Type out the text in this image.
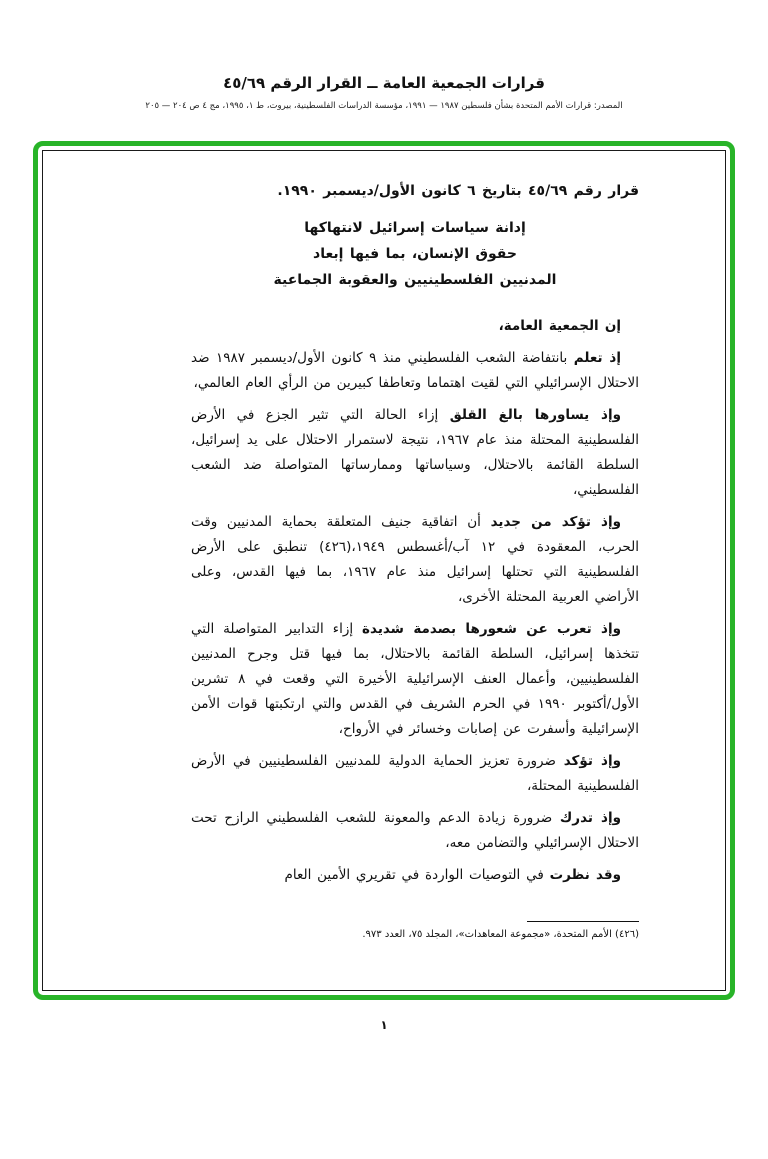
قرارات الجمعية العامة ــ القرار الرقم ٤٥/٦٩
المصدر: قرارات الأمم المتحدة بشأن فلسطين ١٩٨٧ — ١٩٩١، مؤسسة الدراسات الفلسطينية، بيروت، ط ١، ١٩٩٥، مج ٤ ص ٢٠٤ — ٢٠٥
قرار رقم ٤٥/٦٩ بتاريخ ٦ كانون الأول/ديسمبر ١٩٩٠.
إدانة سياسات إسرائيل لانتهاكها
حقوق الإنسان، بما فيها إبعاد
المدنيين الفلسطينيين والعقوبة الجماعية

إن الجمعية العامة،

إذ تعلم بانتفاضة الشعب الفلسطيني منذ ٩ كانون الأول/ديسمبر ١٩٨٧ ضد الاحتلال الإسرائيلي التي لقيت اهتماما وتعاطفا كبيرين من الرأي العام العالمي،

وإذ يساورها بالغ القلق إزاء الحالة التي تثير الجزع في الأرض الفلسطينية المحتلة منذ عام ١٩٦٧، نتيجة لاستمرار الاحتلال على يد إسرائيل، السلطة القائمة بالاحتلال، وسياساتها وممارساتها المتواصلة ضد الشعب الفلسطيني،

وإذ تؤكد من جديد أن اتفاقية جنيف المتعلقة بحماية المدنيين وقت الحرب، المعقودة في ١٢ آب/أغسطس ١٩٤٩،(٤٢٦) تنطبق على الأرض الفلسطينية التي تحتلها إسرائيل منذ عام ١٩٦٧، بما فيها القدس، وعلى الأراضي العربية المحتلة الأخرى،

وإذ تعرب عن شعورها بصدمة شديدة إزاء التدابير المتواصلة التي تتخذها إسرائيل، السلطة القائمة بالاحتلال، بما فيها قتل وجرح المدنيين الفلسطينيين، وأعمال العنف الإسرائيلية الأخيرة التي وقعت في ٨ تشرين الأول/أكتوبر ١٩٩٠ في الحرم الشريف في القدس والتي ارتكبتها قوات الأمن الإسرائيلية وأسفرت عن إصابات وخسائر في الأرواح،

وإذ تؤكد ضرورة تعزيز الحماية الدولية للمدنيين الفلسطينيين في الأرض الفلسطينية المحتلة،

وإذ تدرك ضرورة زيادة الدعم والمعونة للشعب الفلسطيني الرازح تحت الاحتلال الإسرائيلي والتضامن معه،

وقد نظرت في التوصيات الواردة في تقريري الأمين العام

(٤٢٦) الأمم المتحدة، «مجموعة المعاهدات»، المجلد ٧٥، العدد ٩٧٣.
١
